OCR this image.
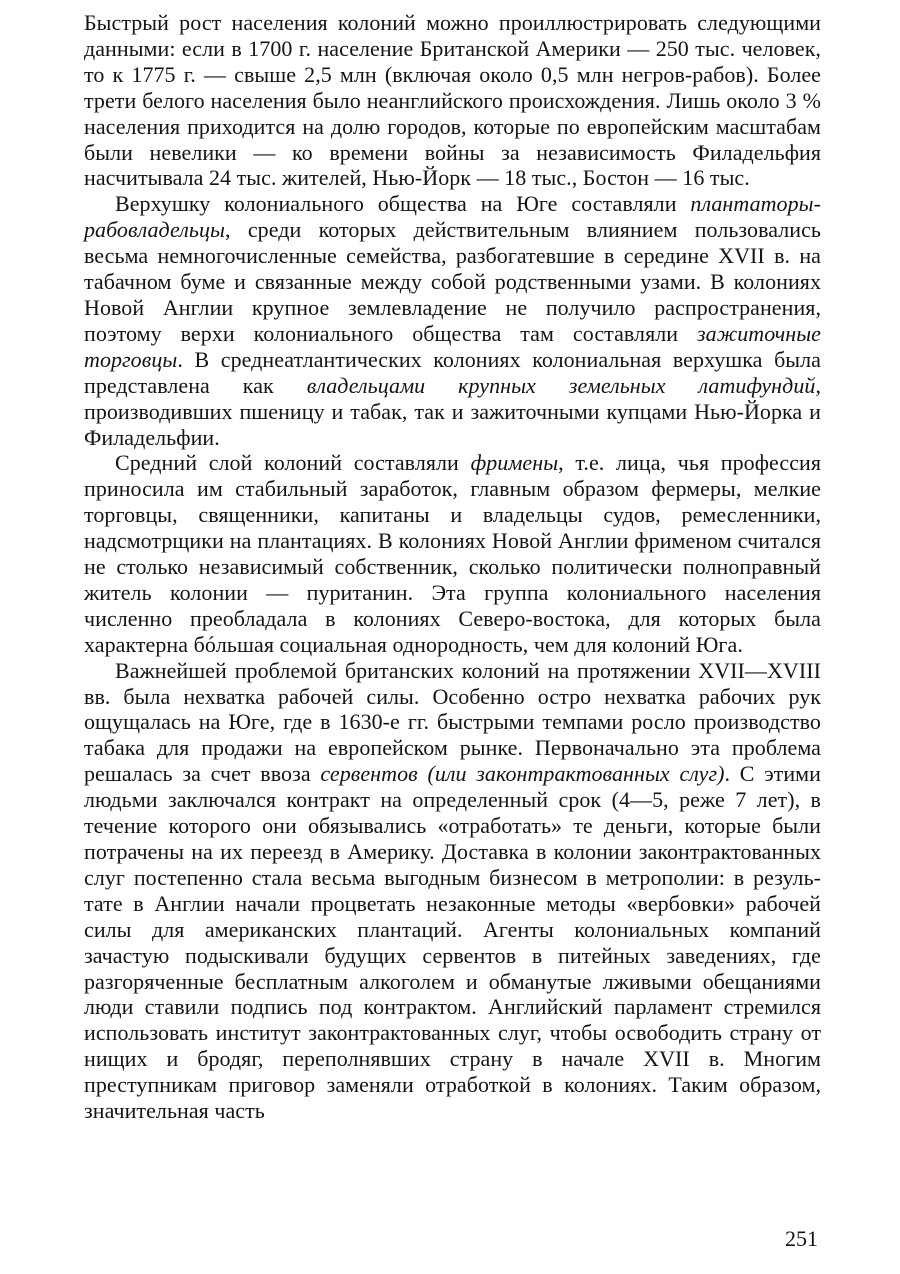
Быстрый рост населения колоний можно проиллюстрировать следующими данными: если в 1700 г. население Британской Америки — 250 тыс. человек, то к 1775 г. — свыше 2,5 млн (включая около 0,5 млн негров-рабов). Более трети белого населения было неанглийского происхождения. Лишь около 3 % населения приходится на долю городов, которые по европейским масштабам были невелики — ко времени войны за независимость Филадельфия насчитывала 24 тыс. жителей, Нью-Йорк — 18 тыс., Бостон — 16 тыс.

Верхушку колониального общества на Юге составляли плантаторы-рабовладельцы, среди которых действительным влиянием пользовались весьма немногочисленные семейства, разбогатевшие в середине XVII в. на табачном буме и связанные между собой родственными узами. В колониях Новой Англии крупное землевладение не получило распространения, поэтому верхи колониального общества там составляли зажиточные торговцы. В среднеатлантических колониях колониальная верхушка была представлена как владельцами крупных земельных латифундий, производивших пшеницу и табак, так и зажиточными купцами Нью-Йорка и Филадельфии.

Средний слой колоний составляли фримены, т.е. лица, чья профессия приносила им стабильный заработок, главным образом фермеры, мелкие торговцы, священники, капитаны и владельцы судов, ремесленники, надсмотрщики на плантациях. В колониях Новой Англии фрименом считался не столько независимый собственник, сколько политически полноправный житель колонии — пуританин. Эта группа колониального населения численно преобладала в колониях Северо-востока, для которых была характерна бóльшая социальная однородность, чем для колоний Юга.

Важнейшей проблемой британских колоний на протяжении XVII—XVIII вв. была нехватка рабочей силы. Особенно остро нехватка рабочих рук ощущалась на Юге, где в 1630-е гг. быстрыми темпами росло производство табака для продажи на европейском рынке. Первоначально эта проблема решалась за счет ввоза сервентов (или законтрактованных слуг). С этими людьми заключался контракт на определенный срок (4—5, реже 7 лет), в течение которого они обязывались «отработать» те деньги, которые были потрачены на их переезд в Америку. Доставка в колонии законтрактованных слуг постепенно стала весьма выгодным бизнесом в метрополии: в результате в Англии начали процветать незаконные методы «вербовки» рабочей силы для американских плантаций. Агенты колониальных компаний зачастую подыскивали будущих сервентов в питейных заведениях, где разгоряченные бесплатным алкоголем и обманутые лживыми обещаниями люди ставили подпись под контрактом. Английский парламент стремился использовать институт законтрактованных слуг, чтобы освободить страну от нищих и бродяг, переполнявших страну в начале XVII в. Многим преступникам приговор заменяли отработкой в колониях. Таким образом, значительная часть

251
